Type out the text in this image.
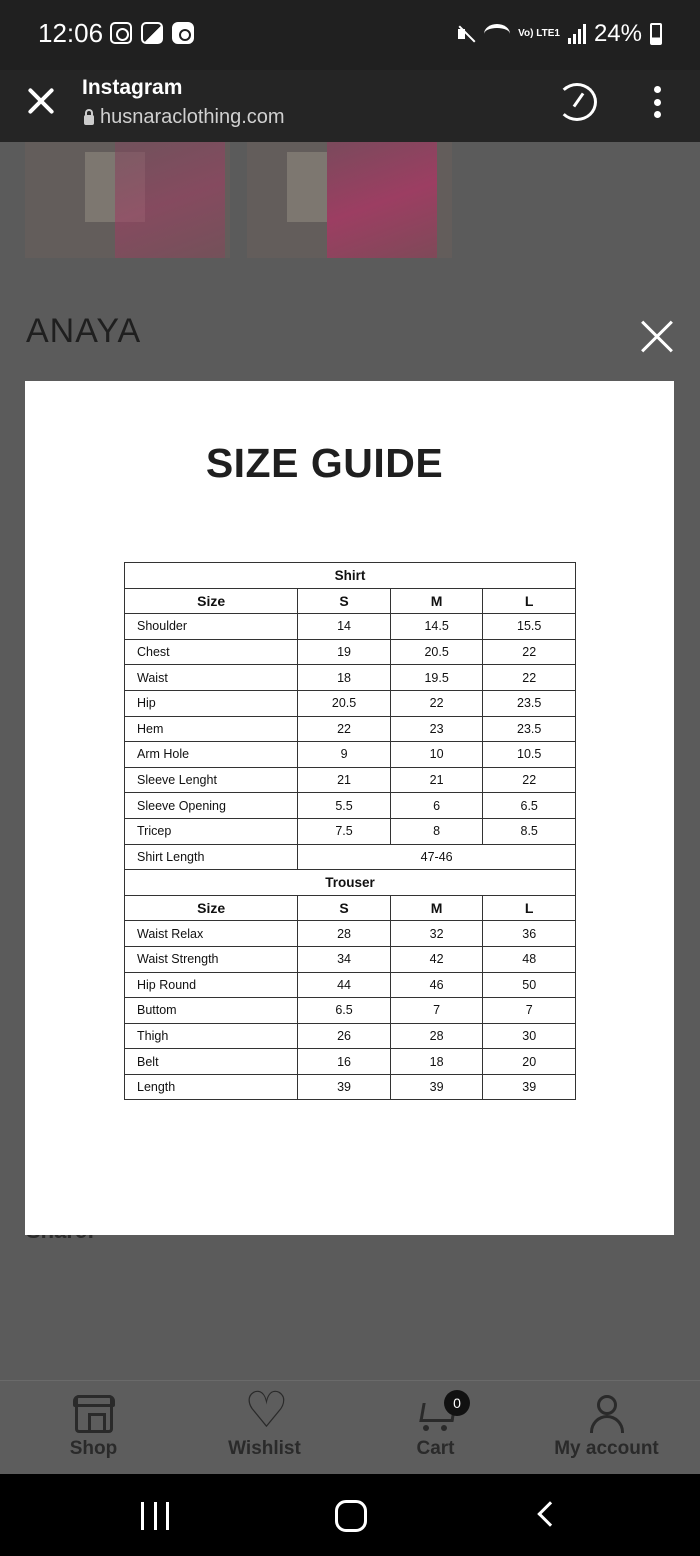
12:06	Vo) LTE1 24%
Instagram
husnaraclothing.com
ANAYA
SIZE GUIDE
Shirt			
Size	S	M	L
Shoulder	14	14.5	15.5
Chest	19	20.5	22
Waist	18	19.5	22
Hip	20.5	22	23.5
Hem	22	23	23.5
Arm Hole	9	10	10.5
Sleeve Lenght	21	21	22
Sleeve Opening	5.5	6	6.5
Tricep	7.5	8	8.5
Shirt Length	47-46		
Trouser			
Size	S	M	L
Waist Relax	28	32	36
Waist Strength	34	42	48
Hip Round	44	46	50
Buttom	6.5	7	7
Thigh	26	28	30
Belt	16	18	20
Length	39	39	39
Shop
♡	Wishlist	Cart	My account
0
